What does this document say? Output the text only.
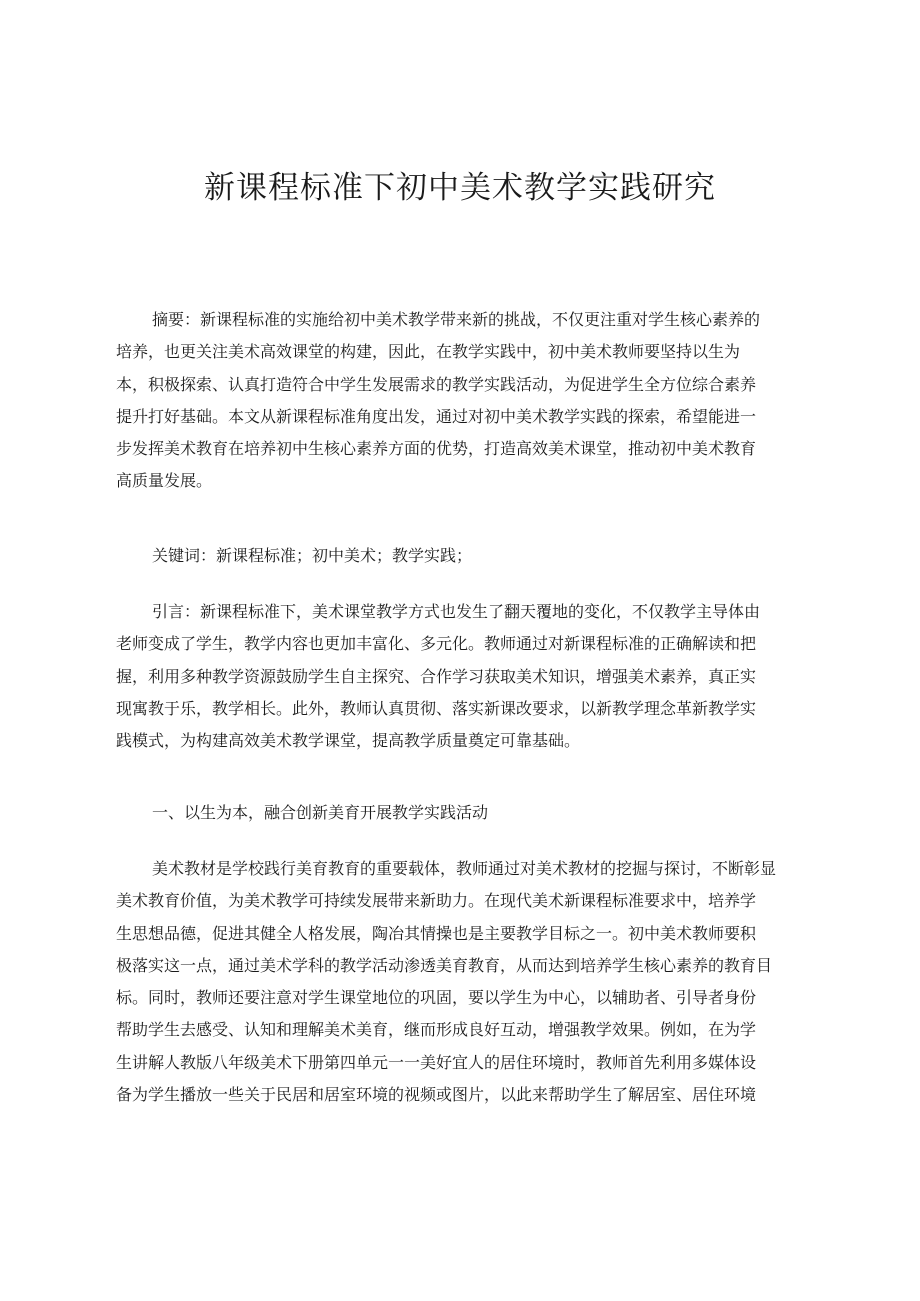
新课程标准下初中美术教学实践研究
摘要：新课程标准的实施给初中美术教学带来新的挑战，不仅更注重对学生核心素养的
培养，也更关注美术高效课堂的构建，因此，在教学实践中，初中美术教师要坚持以生为
本，积极探索、认真打造符合中学生发展需求的教学实践活动，为促进学生全方位综合素养
提升打好基础。本文从新课程标准角度出发，通过对初中美术教学实践的探索，希望能进一
步发挥美术教育在培养初中生核心素养方面的优势，打造高效美术课堂，推动初中美术教育
高质量发展。
关键词：新课程标准；初中美术；教学实践；
引言：新课程标准下，美术课堂教学方式也发生了翻天覆地的变化，不仅教学主导体由
老师变成了学生，教学内容也更加丰富化、多元化。教师通过对新课程标准的正确解读和把
握，利用多种教学资源鼓励学生自主探究、合作学习获取美术知识，增强美术素养，真正实
现寓教于乐，教学相长。此外，教师认真贯彻、落实新课改要求，以新教学理念革新教学实
践模式，为构建高效美术教学课堂，提高教学质量奠定可靠基础。
一、以生为本，融合创新美育开展教学实践活动
美术教材是学校践行美育教育的重要载体，教师通过对美术教材的挖掘与探讨，不断彰显
美术教育价值，为美术教学可持续发展带来新助力。在现代美术新课程标准要求中，培养学
生思想品德，促进其健全人格发展，陶冶其情操也是主要教学目标之一。初中美术教师要积
极落实这一点，通过美术学科的教学活动渗透美育教育，从而达到培养学生核心素养的教育目
标。同时，教师还要注意对学生课堂地位的巩固，要以学生为中心，以辅助者、引导者身份
帮助学生去感受、认知和理解美术美育，继而形成良好互动，增强教学效果。例如，在为学
生讲解人教版八年级美术下册第四单元一一美好宜人的居住环境时，教师首先利用多媒体设
备为学生播放一些关于民居和居室环境的视频或图片，以此来帮助学生了解居室、居住环境
